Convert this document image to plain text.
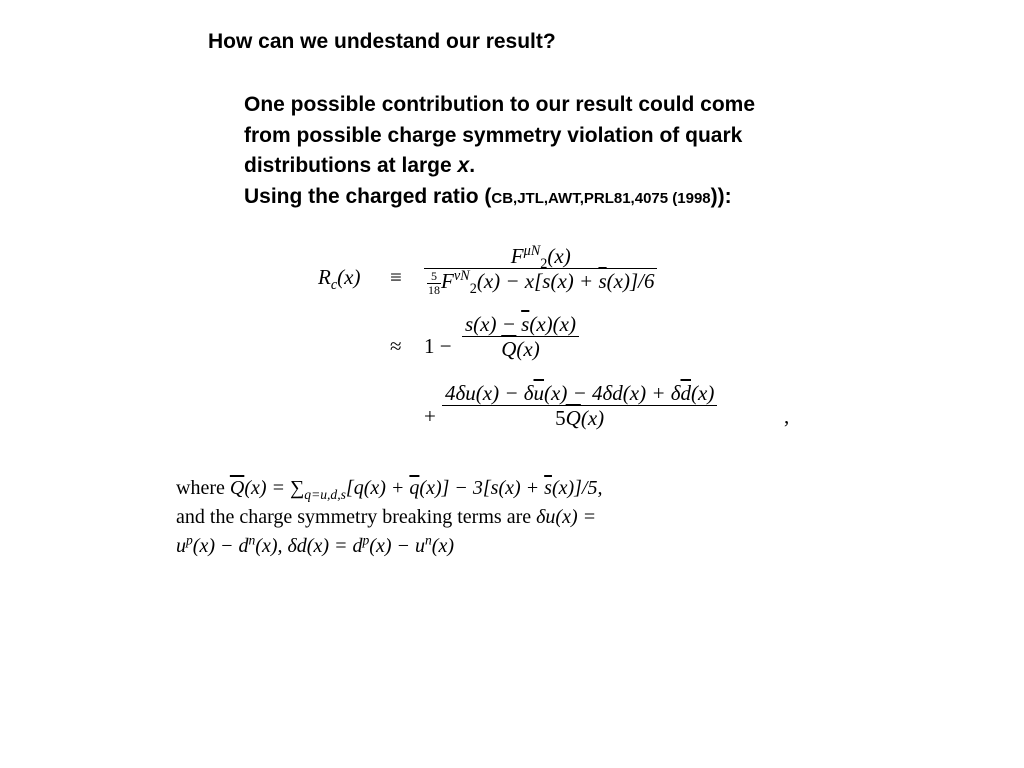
How can we undestand our result?
One possible contribution to our result could come
from possible charge symmetry violation of quark
distributions at large x.
Using the charged ratio (CB,JTL,AWT,PRL81,4075 (1998)):
$R_c(x) \equiv \frac{F^{\mu N}_2(x)}{\frac{5}{18} F^{\nu N}_2(x) - x[s(x) + \overline{s}(x)]/6}$
≈ $1 - \frac{s(x) - \overline{s}(x)(x)}{\overline{Q}(x)}$
+ $\frac{4\delta u(x) - \delta\overline{u}(x) - 4\delta d(x) + \delta\overline{d}(x)}{5\overline{Q}(x)}$	,
where $\overline{Q}(x) = \sum_{q=u,d,s}[q(x) + \overline{q}(x)] - 3[s(x) + \overline{s}(x)]/5$,
and the charge symmetry breaking terms are δu(x) =
$u^p(x) - d^n(x)$, $\delta d(x) = d^p(x) - u^n(x)$
